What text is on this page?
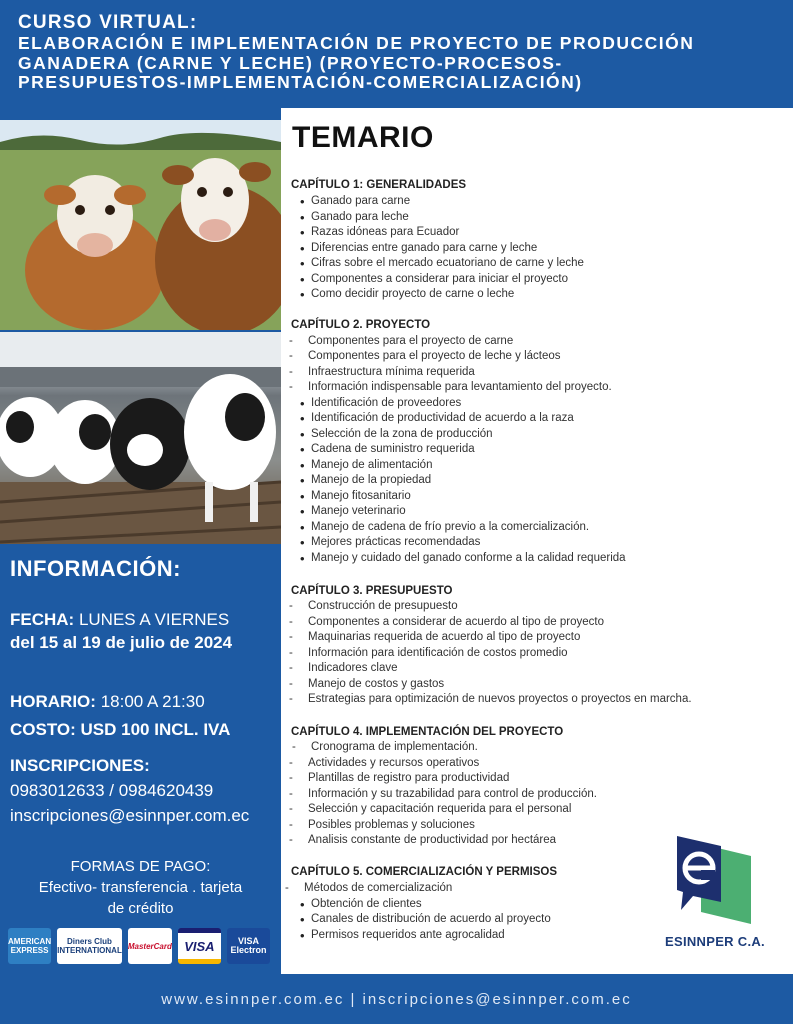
CURSO VIRTUAL:
ELABORACIÓN E IMPLEMENTACIÓN DE PROYECTO DE PRODUCCIÓN
GANADERA (CARNE Y LECHE) (PROYECTO-PROCESOS-
PRESUPUESTOS-IMPLEMENTACIÓN-COMERCIALIZACIÓN)
INFORMACIÓN:
FECHA: LUNES A VIERNES
del 15 al 19 de julio de 2024
HORARIO: 18:00 A 21:30
COSTO: USD 100 INCL. IVA
INSCRIPCIONES:
0983012633 / 0984620439
inscripciones@esinnper.com.ec
FORMAS DE PAGO:
Efectivo- transferencia . tarjeta
de crédito
AMERICAN EXPRESS
Diners Club INTERNATIONAL MasterCard VISA	VISA Electron
TEMARIO
CAPÍTULO 1: GENERALIDADES
• Ganado para carne
• Ganado para leche
• Razas idóneas para Ecuador
• Diferencias entre ganado para carne y leche
• Cifras sobre el mercado ecuatoriano de carne y leche
• Componentes a considerar para iniciar el proyecto
• Como decidir proyecto de carne o leche
CAPÍTULO 2. PROYECTO
- Componentes para el proyecto de carne
- Componentes para el proyecto de leche y lácteos
- Infraestructura mínima requerida
- Información indispensable para levantamiento del proyecto.
• Identificación de proveedores
• Identificación de productividad de acuerdo a la raza
• Selección de la zona de producción
• Cadena de suministro requerida
• Manejo de alimentación
• Manejo de la propiedad
• Manejo fitosanitario
• Manejo veterinario
• Manejo de cadena de frío previo a la comercialización.
• Mejores prácticas recomendadas
• Manejo y cuidado del ganado conforme a la calidad requerida
CAPÍTULO 3. PRESUPUESTO
- Construcción de presupuesto
- Componentes a considerar de acuerdo al tipo de proyecto
- Maquinarias requerida de acuerdo al tipo de proyecto
- Información para identificación de costos promedio
- Indicadores clave
- Manejo de costos y gastos
- Estrategias para optimización de nuevos proyectos o proyectos en marcha.
CAPÍTULO 4. IMPLEMENTACIÓN DEL PROYECTO
- Cronograma de implementación.
- Actividades y recursos operativos
- Plantillas de registro para productividad
- Información y su trazabilidad para control de producción.
- Selección y capacitación requerida para el personal
- Posibles problemas y soluciones
- Analisis constante de productividad por hectárea
CAPÍTULO 5. COMERCIALIZACIÓN Y PERMISOS
- Métodos de comercialización
• Obtención de clientes
• Canales de distribución de acuerdo al proyecto
• Permisos requeridos ante agrocalidad	ESINNPER C.A.
www.esinnper.com.ec | inscripciones@esinnper.com.ec
